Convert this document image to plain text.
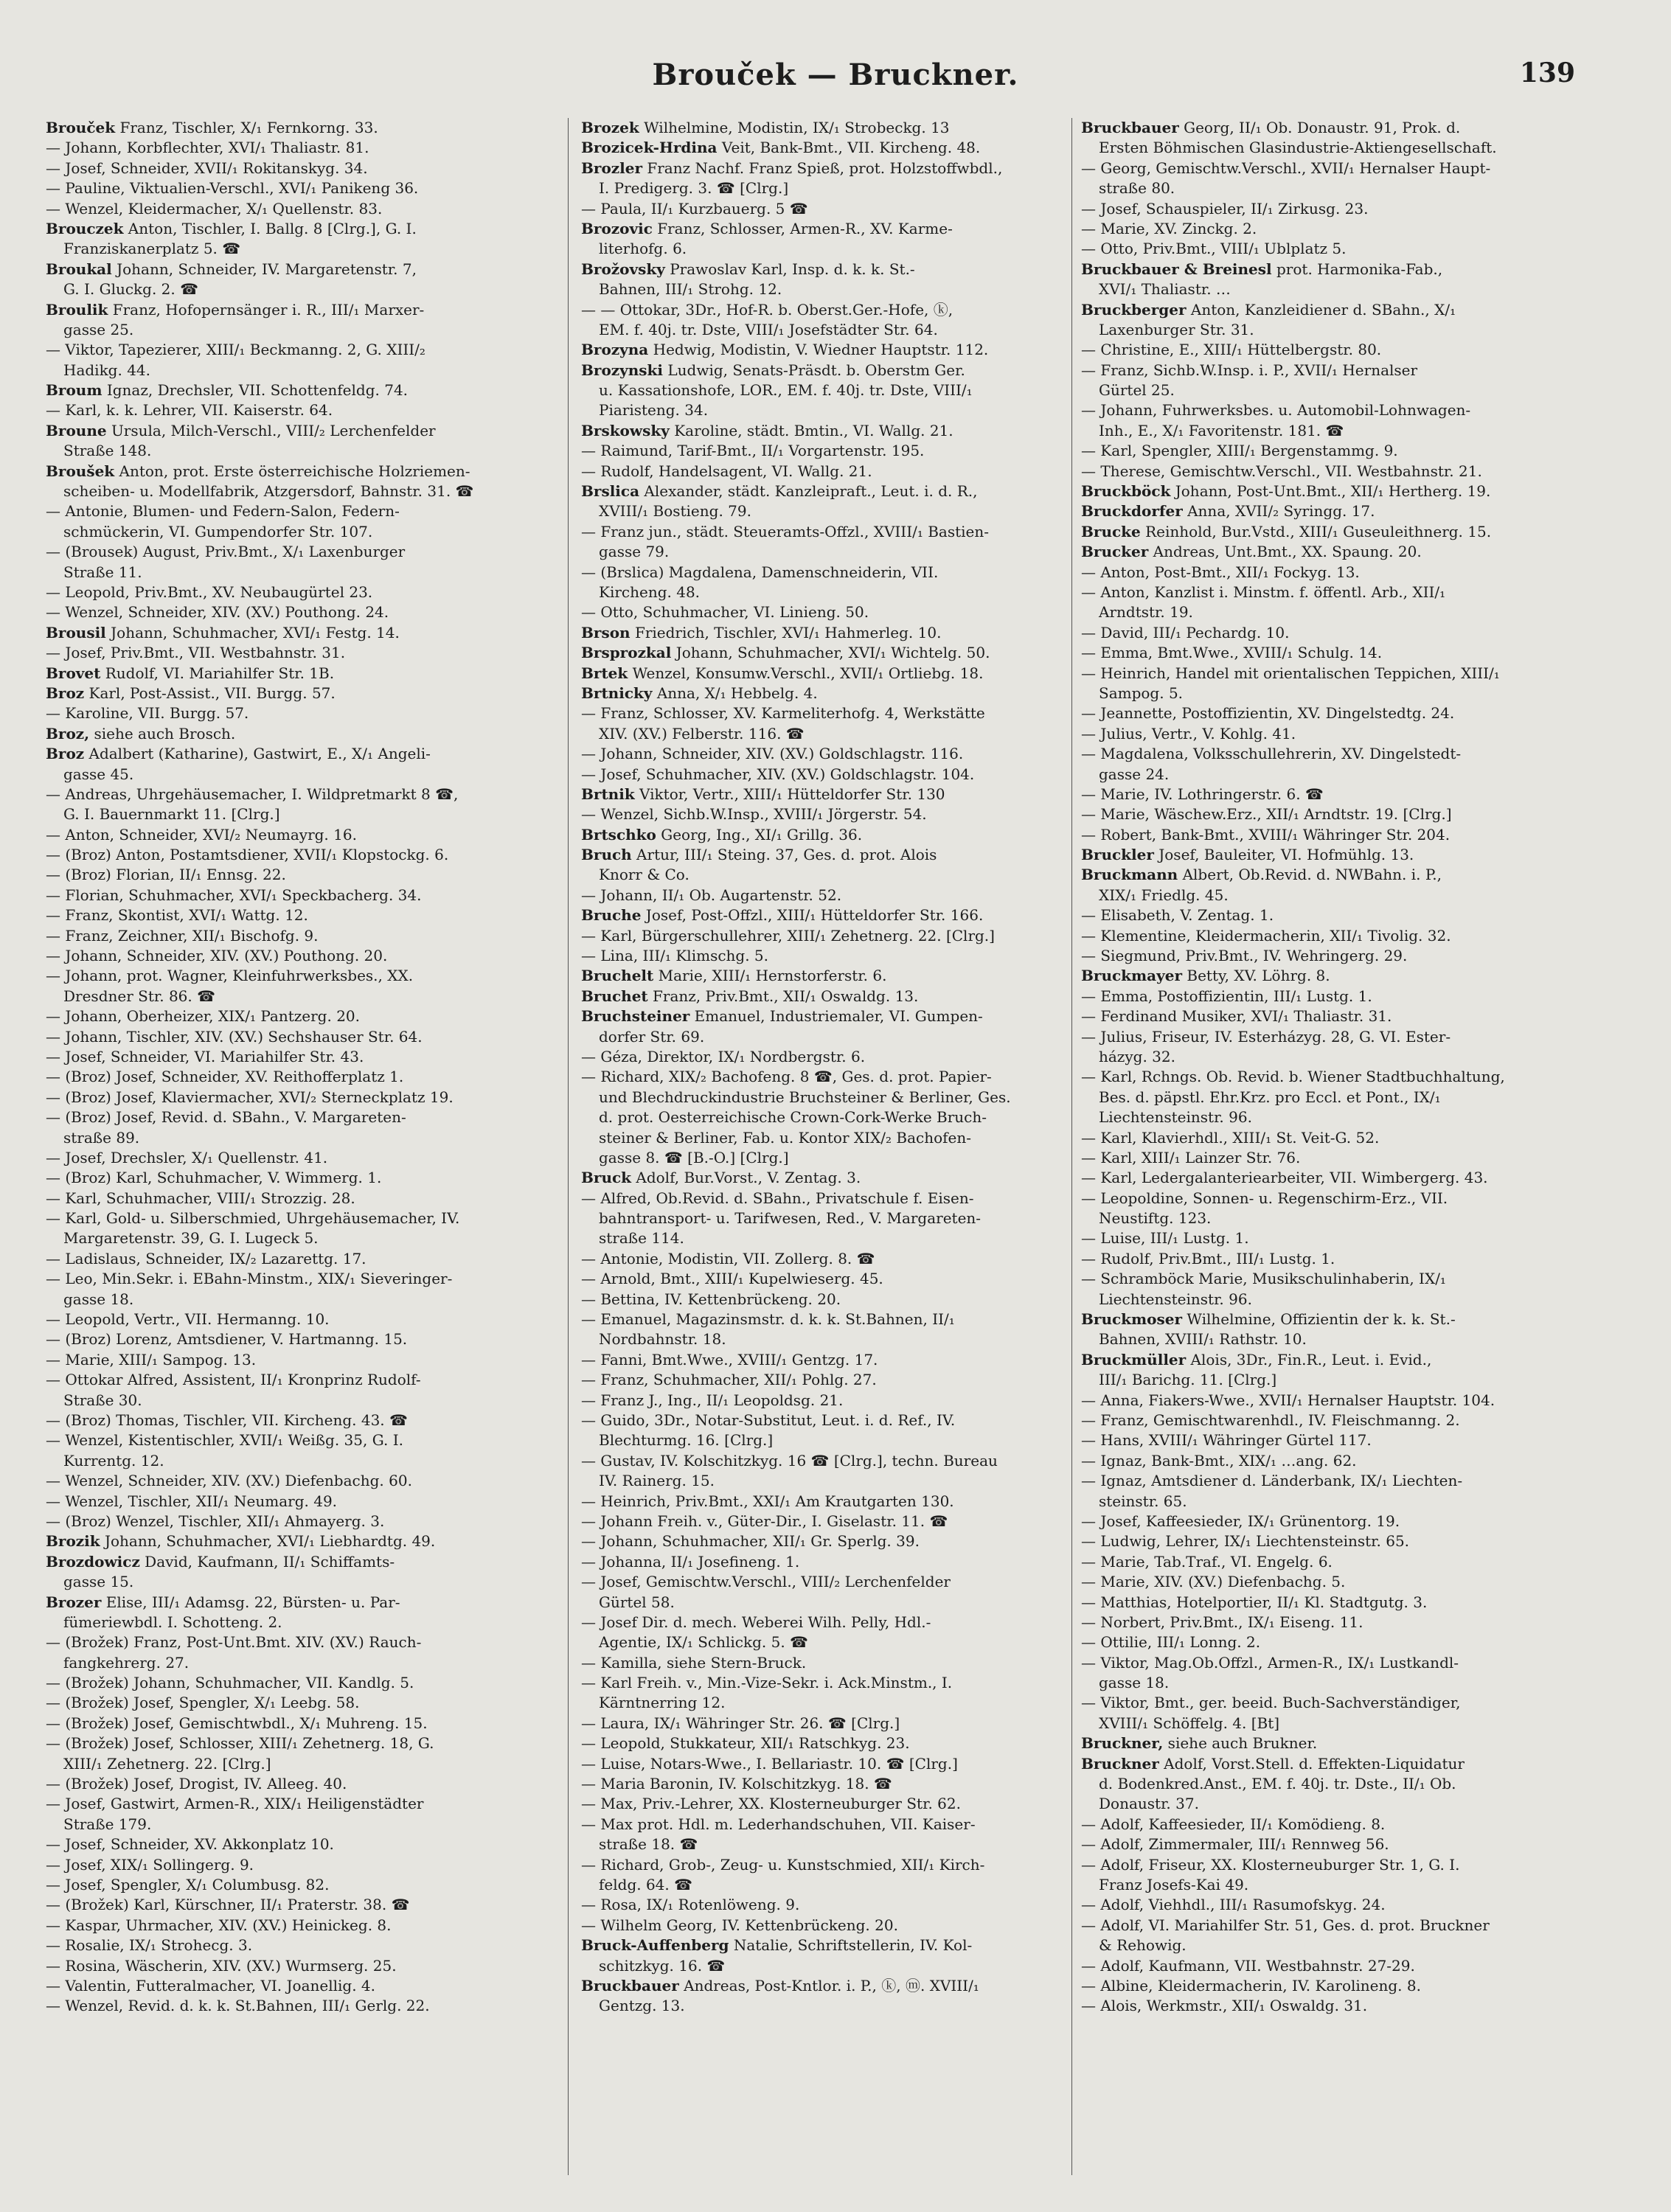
Brouček — Bruckner.	139
Brouček Franz, Tischler, X/₁ Fernkorng. 33.
— Johann, Korbflechter, XVI/₁ Thaliastr. 81.
— Josef, Schneider, XVII/₁ Rokitanskyg. 34.
— Pauline, Viktualien-Verschl., XVI/₁ Panikeng 36.
— Wenzel, Kleidermacher, X/₁ Quellenstr. 83.
Brouczek Anton, Tischler, I. Ballg. 8 [Clrg.], G. I.
Franziskanerplatz 5. ☎
Broukal Johann, Schneider, IV. Margaretenstr. 7,
G. I. Gluckg. 2. ☎
Broulik Franz, Hofopernsänger i. R., III/₁ Marxer-
gasse 25.
— Viktor, Tapezierer, XIII/₁ Beckmanng. 2, G. XIII/₂
Hadikg. 44.
Broum Ignaz, Drechsler, VII. Schottenfeldg. 74.
— Karl, k. k. Lehrer, VII. Kaiserstr. 64.
Broune Ursula, Milch-Verschl., VIII/₂ Lerchenfelder
Straße 148.
Broušek Anton, prot. Erste österreichische Holzriemen-
scheiben- u. Modellfabrik, Atzgersdorf, Bahnstr. 31. ☎
— Antonie, Blumen- und Federn-Salon, Federn-
schmückerin, VI. Gumpendorfer Str. 107.
— (Brousek) August, Priv.Bmt., X/₁ Laxenburger
Straße 11.
— Leopold, Priv.Bmt., XV. Neubaugürtel 23.
— Wenzel, Schneider, XIV. (XV.) Pouthong. 24.
Brousil Johann, Schuhmacher, XVI/₁ Festg. 14.
— Josef, Priv.Bmt., VII. Westbahnstr. 31.
Brovet Rudolf, VI. Mariahilfer Str. 1B.
Broz Karl, Post-Assist., VII. Burgg. 57.
— Karoline, VII. Burgg. 57.
Broz, siehe auch Brosch.
Broz Adalbert (Katharine), Gastwirt, E., X/₁ Angeli-
gasse 45.
— Andreas, Uhrgehäusemacher, I. Wildpretmarkt 8 ☎,
G. I. Bauernmarkt 11. [Clrg.]
— Anton, Schneider, XVI/₂ Neumayrg. 16.
— (Broz) Anton, Postamtsdiener, XVII/₁ Klopstockg. 6.
— (Broz) Florian, II/₁ Ennsg. 22.
— Florian, Schuhmacher, XVI/₁ Speckbacherg. 34.
— Franz, Skontist, XVI/₁ Wattg. 12.
— Franz, Zeichner, XII/₁ Bischofg. 9.
— Johann, Schneider, XIV. (XV.) Pouthong. 20.
— Johann, prot. Wagner, Kleinfuhrwerksbes., XX.
Dresdner Str. 86. ☎
— Johann, Oberheizer, XIX/₁ Pantzerg. 20.
— Johann, Tischler, XIV. (XV.) Sechshauser Str. 64.
— Josef, Schneider, VI. Mariahilfer Str. 43.
— (Broz) Josef, Schneider, XV. Reithofferplatz 1.
— (Broz) Josef, Klaviermacher, XVI/₂ Sterneckplatz 19.
— (Broz) Josef, Revid. d. SBahn., V. Margareten-
straße 89.
— Josef, Drechsler, X/₁ Quellenstr. 41.
— (Broz) Karl, Schuhmacher, V. Wimmerg. 1.
— Karl, Schuhmacher, VIII/₁ Strozzig. 28.
— Karl, Gold- u. Silberschmied, Uhrgehäusemacher, IV.
Margaretenstr. 39, G. I. Lugeck 5.
— Ladislaus, Schneider, IX/₂ Lazarettg. 17.
— Leo, Min.Sekr. i. EBahn-Minstm., XIX/₁ Sieveringer-
gasse 18.
— Leopold, Vertr., VII. Hermanng. 10.
— (Broz) Lorenz, Amtsdiener, V. Hartmanng. 15.
— Marie, XIII/₁ Sampog. 13.
— Ottokar Alfred, Assistent, II/₁ Kronprinz Rudolf-
Straße 30.
— (Broz) Thomas, Tischler, VII. Kircheng. 43. ☎
— Wenzel, Kistentischler, XVII/₁ Weißg. 35, G. I.
Kurrentg. 12.
— Wenzel, Schneider, XIV. (XV.) Diefenbachg. 60.
— Wenzel, Tischler, XII/₁ Neumarg. 49.
— (Broz) Wenzel, Tischler, XII/₁ Ahmayerg. 3.
Brozik Johann, Schuhmacher, XVI/₁ Liebhardtg. 49.
Brozdowicz David, Kaufmann, II/₁ Schiffamts-
gasse 15.
Brozer Elise, III/₁ Adamsg. 22, Bürsten- u. Par-
fümeriewbdl. I. Schotteng. 2.
— (Brožek) Franz, Post-Unt.Bmt. XIV. (XV.) Rauch-
fangkehrerg. 27.
— (Brožek) Johann, Schuhmacher, VII. Kandlg. 5.
— (Brožek) Josef, Spengler, X/₁ Leebg. 58.
— (Brožek) Josef, Gemischtwbdl., X/₁ Muhreng. 15.
— (Brožek) Josef, Schlosser, XIII/₁ Zehetnerg. 18, G.
XIII/₁ Zehetnerg. 22. [Clrg.]
— (Brožek) Josef, Drogist, IV. Alleeg. 40.
— Josef, Gastwirt, Armen-R., XIX/₁ Heiligenstädter
Straße 179.
— Josef, Schneider, XV. Akkonplatz 10.
— Josef, XIX/₁ Sollingerg. 9.
— Josef, Spengler, X/₁ Columbusg. 82.
— (Brožek) Karl, Kürschner, II/₁ Praterstr. 38. ☎
— Kaspar, Uhrmacher, XIV. (XV.) Heinickeg. 8.
— Rosalie, IX/₁ Strohecg. 3.
— Rosina, Wäscherin, XIV. (XV.) Wurmserg. 25.
— Valentin, Futteralmacher, VI. Joanellig. 4.
— Wenzel, Revid. d. k. k. St.Bahnen, III/₁ Gerlg. 22.
Brozek Wilhelmine, Modistin, IX/₁ Strobeckg. 13
Brozicek-Hrdina Veit, Bank-Bmt., VII. Kircheng. 48.
Brozler Franz Nachf. Franz Spieß, prot. Holzstoffwbdl.,
I. Predigerg. 3. ☎ [Clrg.]
— Paula, II/₁ Kurzbauerg. 5 ☎
Brozovic Franz, Schlosser, Armen-R., XV. Karme-
literhofg. 6.
Brožovsky Prawoslav Karl, Insp. d. k. k. St.-
Bahnen, III/₁ Strohg. 12.
— — Ottokar, 3Dr., Hof-R. b. Oberst.Ger.-Hofe, ⓚ,
EM. f. 40j. tr. Dste, VIII/₁ Josefstädter Str. 64.
Brozyna Hedwig, Modistin, V. Wiedner Hauptstr. 112.
Brozynski Ludwig, Senats-Präsdt. b. Oberstm Ger.
u. Kassationshofe, LOR., EM. f. 40j. tr. Dste, VIII/₁
Piaristeng. 34.
Brskowsky Karoline, städt. Bmtin., VI. Wallg. 21.
— Raimund, Tarif-Bmt., II/₁ Vorgartenstr. 195.
— Rudolf, Handelsagent, VI. Wallg. 21.
Brslica Alexander, städt. Kanzleipraft., Leut. i. d. R.,
XVIII/₁ Bostieng. 79.
— Franz jun., städt. Steueramts-Offzl., XVIII/₁ Bastien-
gasse 79.
— (Brslica) Magdalena, Damenschneiderin, VII.
Kircheng. 48.
— Otto, Schuhmacher, VI. Linieng. 50.
Brson Friedrich, Tischler, XVI/₁ Hahmerleg. 10.
Brsprozkal Johann, Schuhmacher, XVI/₁ Wichtelg. 50.
Brtek Wenzel, Konsumw.Verschl., XVII/₁ Ortliebg. 18.
Brtnicky Anna, X/₁ Hebbelg. 4.
— Franz, Schlosser, XV. Karmeliterhofg. 4, Werkstätte
XIV. (XV.) Felberstr. 116. ☎
— Johann, Schneider, XIV. (XV.) Goldschlagstr. 116.
— Josef, Schuhmacher, XIV. (XV.) Goldschlagstr. 104.
Brtnik Viktor, Vertr., XIII/₁ Hütteldorfer Str. 130
— Wenzel, Sichb.W.Insp., XVIII/₁ Jörgerstr. 54.
Brtschko Georg, Ing., XI/₁ Grillg. 36.
Bruch Artur, III/₁ Steing. 37, Ges. d. prot. Alois
Knorr & Co.
— Johann, II/₁ Ob. Augartenstr. 52.
Bruche Josef, Post-Offzl., XIII/₁ Hütteldorfer Str. 166.
— Karl, Bürgerschullehrer, XIII/₁ Zehetnerg. 22. [Clrg.]
— Lina, III/₁ Klimschg. 5.
Bruchelt Marie, XIII/₁ Hernstorferstr. 6.
Bruchet Franz, Priv.Bmt., XII/₁ Oswaldg. 13.
Bruchsteiner Emanuel, Industriemaler, VI. Gumpen-
dorfer Str. 69.
— Géza, Direktor, IX/₁ Nordbergstr. 6.
— Richard, XIX/₂ Bachofeng. 8 ☎, Ges. d. prot. Papier-
und Blechdruckindustrie Bruchsteiner & Berliner, Ges.
d. prot. Oesterreichische Crown-Cork-Werke Bruch-
steiner & Berliner, Fab. u. Kontor XIX/₂ Bachofen-
gasse 8. ☎ [B.-O.] [Clrg.]
Bruck Adolf, Bur.Vorst., V. Zentag. 3.
— Alfred, Ob.Revid. d. SBahn., Privatschule f. Eisen-
bahntransport- u. Tarifwesen, Red., V. Margareten-
straße 114.
— Antonie, Modistin, VII. Zollerg. 8. ☎
— Arnold, Bmt., XIII/₁ Kupelwieserg. 45.
— Bettina, IV. Kettenbrückeng. 20.
— Emanuel, Magazinsmstr. d. k. k. St.Bahnen, II/₁
Nordbahnstr. 18.
— Fanni, Bmt.Wwe., XVIII/₁ Gentzg. 17.
— Franz, Schuhmacher, XII/₁ Pohlg. 27.
— Franz J., Ing., II/₁ Leopoldsg. 21.
— Guido, 3Dr., Notar-Substitut, Leut. i. d. Ref., IV.
Blechturmg. 16. [Clrg.]
— Gustav, IV. Kolschitzkyg. 16 ☎ [Clrg.], techn. Bureau
IV. Rainerg. 15.
— Heinrich, Priv.Bmt., XXI/₁ Am Krautgarten 130.
— Johann Freih. v., Güter-Dir., I. Giselastr. 11. ☎
— Johann, Schuhmacher, XII/₁ Gr. Sperlg. 39.
— Johanna, II/₁ Josefineng. 1.
— Josef, Gemischtw.Verschl., VIII/₂ Lerchenfelder
Gürtel 58.
— Josef Dir. d. mech. Weberei Wilh. Pelly, Hdl.-
Agentie, IX/₁ Schlickg. 5. ☎
— Kamilla, siehe Stern-Bruck.
— Karl Freih. v., Min.-Vize-Sekr. i. Ack.Minstm., I.
Kärntnerring 12.
— Laura, IX/₁ Währinger Str. 26. ☎ [Clrg.]
— Leopold, Stukkateur, XII/₁ Ratschkyg. 23.
— Luise, Notars-Wwe., I. Bellariastr. 10. ☎ [Clrg.]
— Maria Baronin, IV. Kolschitzkyg. 18. ☎
— Max, Priv.-Lehrer, XX. Klosterneuburger Str. 62.
— Max prot. Hdl. m. Lederhandschuhen, VII. Kaiser-
straße 18. ☎
— Richard, Grob-, Zeug- u. Kunstschmied, XII/₁ Kirch-
feldg. 64. ☎
— Rosa, IX/₁ Rotenlöweng. 9.
— Wilhelm Georg, IV. Kettenbrückeng. 20.
Bruck-Auffenberg Natalie, Schriftstellerin, IV. Kol-
schitzkyg. 16. ☎
Bruckbauer Andreas, Post-Kntlor. i. P., ⓚ, ⓜ. XVIII/₁
Gentzg. 13.
Bruckbauer Georg, II/₁ Ob. Donaustr. 91, Prok. d.
Ersten Böhmischen Glasindustrie-Aktiengesellschaft.
— Georg, Gemischtw.Verschl., XVII/₁ Hernalser Haupt-
straße 80.
— Josef, Schauspieler, II/₁ Zirkusg. 23.
— Marie, XV. Zinckg. 2.
— Otto, Priv.Bmt., VIII/₁ Ublplatz 5.
Bruckbauer & Breinesl prot. Harmonika-Fab.,
XVI/₁ Thaliastr. …
Bruckberger Anton, Kanzleidiener d. SBahn., X/₁
Laxenburger Str. 31.
— Christine, E., XIII/₁ Hüttelbergstr. 80.
— Franz, Sichb.W.Insp. i. P., XVII/₁ Hernalser
Gürtel 25.
— Johann, Fuhrwerksbes. u. Automobil-Lohnwagen-
Inh., E., X/₁ Favoritenstr. 181. ☎
— Karl, Spengler, XIII/₁ Bergenstammg. 9.
— Therese, Gemischtw.Verschl., VII. Westbahnstr. 21.
Bruckböck Johann, Post-Unt.Bmt., XII/₁ Hertherg. 19.
Bruckdorfer Anna, XVII/₂ Syringg. 17.
Brucke Reinhold, Bur.Vstd., XIII/₁ Guseuleithnerg. 15.
Brucker Andreas, Unt.Bmt., XX. Spaung. 20.
— Anton, Post-Bmt., XII/₁ Fockyg. 13.
— Anton, Kanzlist i. Minstm. f. öffentl. Arb., XII/₁
Arndtstr. 19.
— David, III/₁ Pechardg. 10.
— Emma, Bmt.Wwe., XVIII/₁ Schulg. 14.
— Heinrich, Handel mit orientalischen Teppichen, XIII/₁
Sampog. 5.
— Jeannette, Postoffizientin, XV. Dingelstedtg. 24.
— Julius, Vertr., V. Kohlg. 41.
— Magdalena, Volksschullehrerin, XV. Dingelstedt-
gasse 24.
— Marie, IV. Lothringerstr. 6. ☎
— Marie, Wäschew.Erz., XII/₁ Arndtstr. 19. [Clrg.]
— Robert, Bank-Bmt., XVIII/₁ Währinger Str. 204.
Bruckler Josef, Bauleiter, VI. Hofmühlg. 13.
Bruckmann Albert, Ob.Revid. d. NWBahn. i. P.,
XIX/₁ Friedlg. 45.
— Elisabeth, V. Zentag. 1.
— Klementine, Kleidermacherin, XII/₁ Tivolig. 32.
— Siegmund, Priv.Bmt., IV. Wehringerg. 29.
Bruckmayer Betty, XV. Löhrg. 8.
— Emma, Postoffizientin, III/₁ Lustg. 1.
— Ferdinand Musiker, XVI/₁ Thaliastr. 31.
— Julius, Friseur, IV. Esterházyg. 28, G. VI. Ester-
házyg. 32.
— Karl, Rchngs. Ob. Revid. b. Wiener Stadtbuchhaltung,
Bes. d. päpstl. Ehr.Krz. pro Eccl. et Pont., IX/₁
Liechtensteinstr. 96.
— Karl, Klavierhdl., XIII/₁ St. Veit-G. 52.
— Karl, XIII/₁ Lainzer Str. 76.
— Karl, Ledergalanteriearbeiter, VII. Wimbergerg. 43.
— Leopoldine, Sonnen- u. Regenschirm-Erz., VII.
Neustiftg. 123.
— Luise, III/₁ Lustg. 1.
— Rudolf, Priv.Bmt., III/₁ Lustg. 1.
— Schramböck Marie, Musikschulinhaberin, IX/₁
Liechtensteinstr. 96.
Bruckmoser Wilhelmine, Offizientin der k. k. St.-
Bahnen, XVIII/₁ Rathstr. 10.
Bruckmüller Alois, 3Dr., Fin.R., Leut. i. Evid.,
III/₁ Barichg. 11. [Clrg.]
— Anna, Fiakers-Wwe., XVII/₁ Hernalser Hauptstr. 104.
— Franz, Gemischtwarenhdl., IV. Fleischmanng. 2.
— Hans, XVIII/₁ Währinger Gürtel 117.
— Ignaz, Bank-Bmt., XIX/₁ …ang. 62.
— Ignaz, Amtsdiener d. Länderbank, IX/₁ Liechten-
steinstr. 65.
— Josef, Kaffeesieder, IX/₁ Grünentorg. 19.
— Ludwig, Lehrer, IX/₁ Liechtensteinstr. 65.
— Marie, Tab.Traf., VI. Engelg. 6.
— Marie, XIV. (XV.) Diefenbachg. 5.
— Matthias, Hotelportier, II/₁ Kl. Stadtgutg. 3.
— Norbert, Priv.Bmt., IX/₁ Eiseng. 11.
— Ottilie, III/₁ Lonng. 2.
— Viktor, Mag.Ob.Offzl., Armen-R., IX/₁ Lustkandl-
gasse 18.
— Viktor, Bmt., ger. beeid. Buch-Sachverständiger,
XVIII/₁ Schöffelg. 4. [Bt]
Bruckner, siehe auch Brukner.
Bruckner Adolf, Vorst.Stell. d. Effekten-Liquidatur
d. Bodenkred.Anst., EM. f. 40j. tr. Dste., II/₁ Ob.
Donaustr. 37.
— Adolf, Kaffeesieder, II/₁ Komödieng. 8.
— Adolf, Zimmermaler, III/₁ Rennweg 56.
— Adolf, Friseur, XX. Klosterneuburger Str. 1, G. I.
Franz Josefs-Kai 49.
— Adolf, Viehhdl., III/₁ Rasumofskyg. 24.
— Adolf, VI. Mariahilfer Str. 51, Ges. d. prot. Bruckner
& Rehowig.
— Adolf, Kaufmann, VII. Westbahnstr. 27-29.
— Albine, Kleidermacherin, IV. Karolineng. 8.
— Alois, Werkmstr., XII/₁ Oswaldg. 31.
